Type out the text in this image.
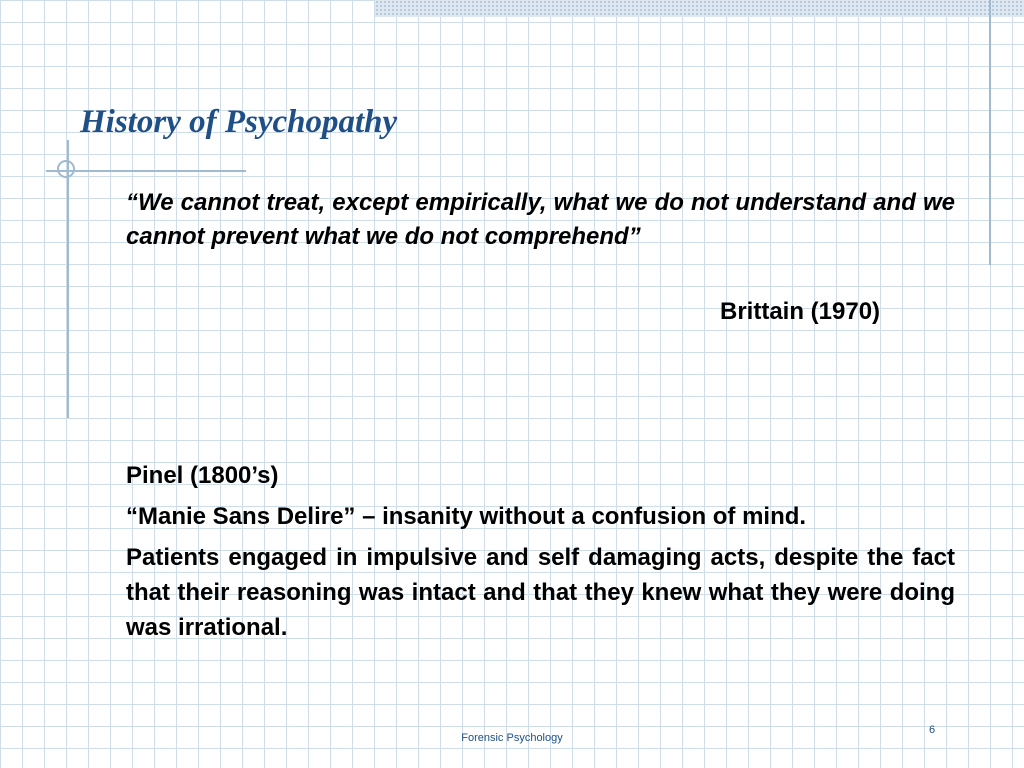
History of Psychopathy

“We cannot treat, except empirically, what we do not understand and we cannot prevent what we do not comprehend”

Brittain (1970)

Pinel (1800’s)

“Manie Sans Delire” – insanity without a confusion of mind.

Patients engaged in impulsive and self damaging acts, despite the fact that their reasoning was intact and that they knew what they were doing was irrational.

Forensic Psychology
6
